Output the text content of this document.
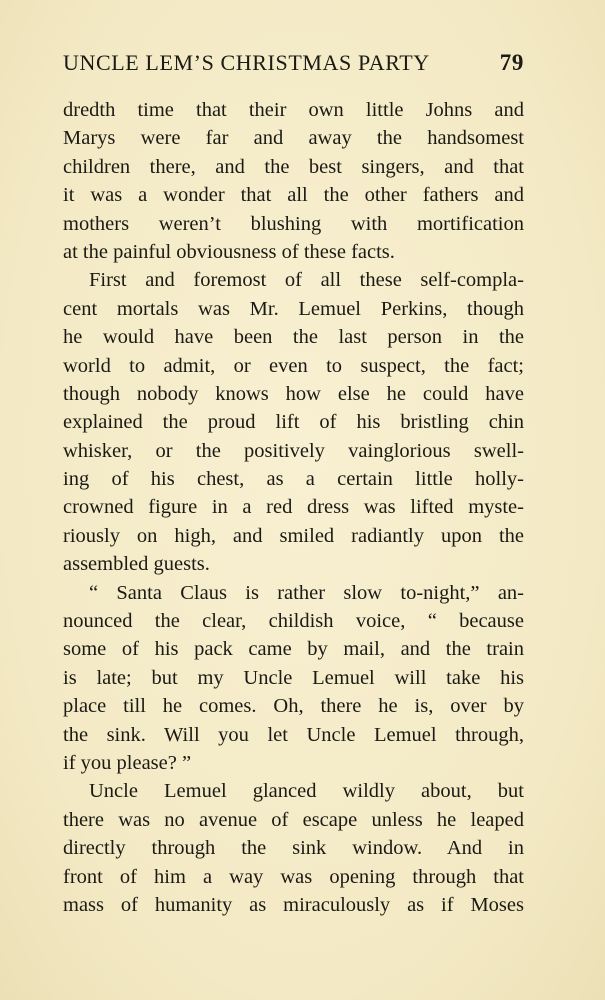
UNCLE LEM’S CHRISTMAS PARTY	79
dredth time that their own little Johns and
Marys were far and away the handsomest
children there, and the best singers, and that
it was a wonder that all the other fathers and
mothers weren’t blushing with mortification
at the painful obviousness of these facts.
First and foremost of all these self-compla-
cent mortals was Mr. Lemuel Perkins, though
he would have been the last person in the
world to admit, or even to suspect, the fact;
though nobody knows how else he could have
explained the proud lift of his bristling chin
whisker, or the positively vainglorious swell-
ing of his chest, as a certain little holly-
crowned figure in a red dress was lifted myste-
riously on high, and smiled radiantly upon the
assembled guests.
“ Santa Claus is rather slow to-night,” an-
nounced the clear, childish voice, “ because
some of his pack came by mail, and the train
is late; but my Uncle Lemuel will take his
place till he comes. Oh, there he is, over by
the sink. Will you let Uncle Lemuel through,
if you please? ”
Uncle Lemuel glanced wildly about, but
there was no avenue of escape unless he leaped
directly through the sink window. And in
front of him a way was opening through that
mass of humanity as miraculously as if Moses
